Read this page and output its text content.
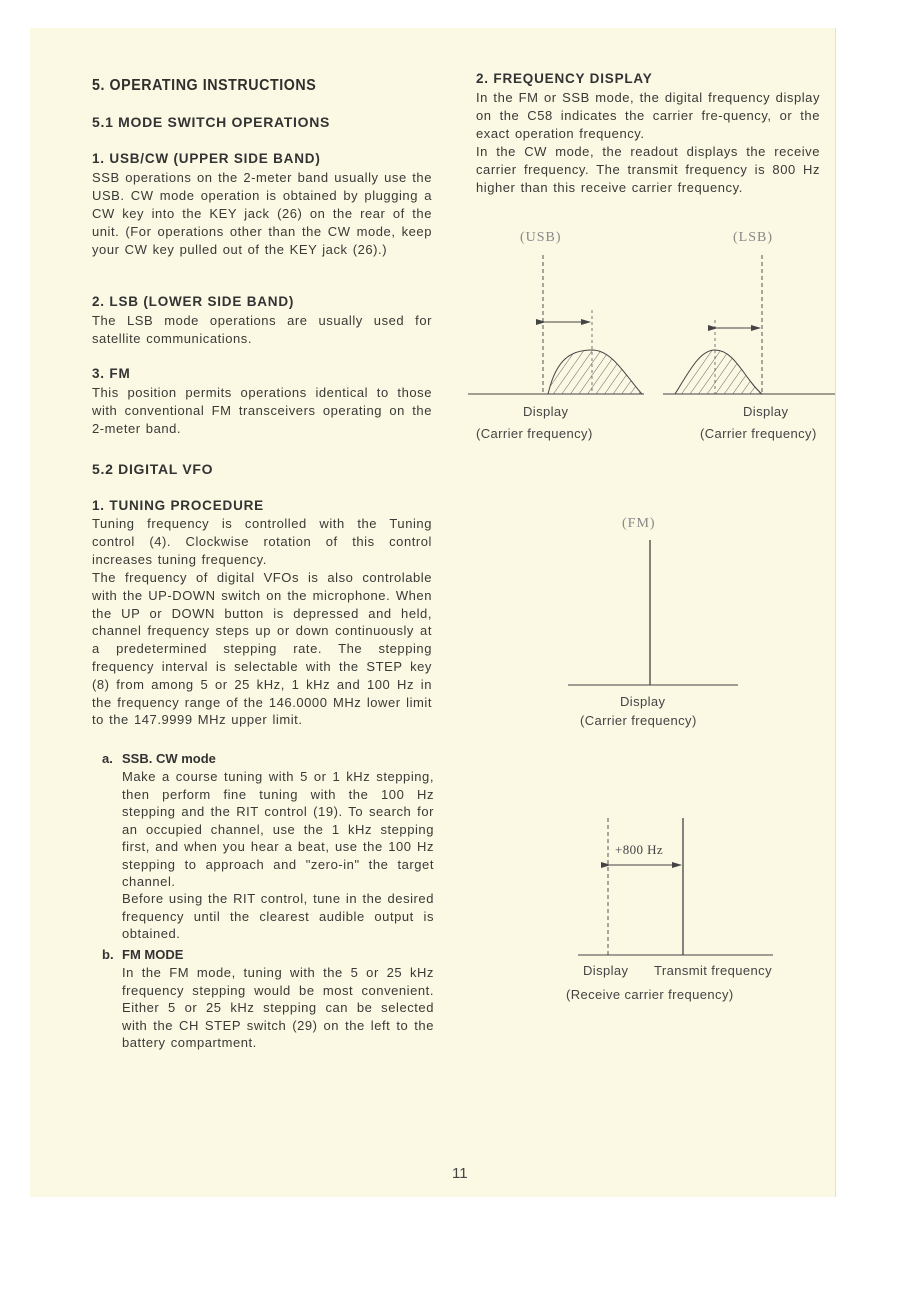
5. OPERATING INSTRUCTIONS
5.1 MODE SWITCH OPERATIONS
1. USB/CW (UPPER SIDE BAND)

SSB operations on the 2-meter band usually use the USB. CW mode operation is obtained by plugging a CW key into the KEY jack (26) on the rear of the unit. (For operations other than the CW mode, keep your CW key pulled out of the KEY jack (26).)

2. LSB (LOWER SIDE BAND)

The LSB mode operations are usually used for satellite communications.

3. FM

This position permits operations identical to those with conventional FM transceivers operating on the 2-meter band.

5.2 DIGITAL VFO
1. TUNING PROCEDURE

Tuning frequency is controlled with the Tuning control (4). Clockwise rotation of this control increases tuning frequency.

The frequency of digital VFOs is also controlable with the UP-DOWN switch on the microphone. When the UP or DOWN button is depressed and held, channel frequency steps up or down continuously at a predetermined stepping rate. The stepping frequency interval is selectable with the STEP key (8) from among 5 or 25 kHz, 1 kHz and 100 Hz in the frequency range of the 146.0000 MHz lower limit to the 147.9999 MHz upper limit.

a. SSB. CW mode

Make a course tuning with 5 or 1 kHz stepping, then perform fine tuning with the 100 Hz stepping and the RIT control (19). To search for an occupied channel, use the 1 kHz stepping first, and when you hear a beat, use the 100 Hz stepping to approach and "zero-in" the target channel.

Before using the RIT control, tune in the desired frequency until the clearest audible output is obtained.

b. FM MODE

In the FM mode, tuning with the 5 or 25 kHz frequency stepping would be most convenient. Either 5 or 25 kHz stepping can be selected with the CH STEP switch (29) on the left to the battery compartment.

2. FREQUENCY DISPLAY

In the FM or SSB mode, the digital frequency display on the C58 indicates the carrier fre-quency, or the exact operation frequency.

In the CW mode, the readout displays the receive carrier frequency. The transmit frequency is 800 Hz higher than this receive carrier frequency.

(USB)
Display
(Carrier frequency)
(LSB)
Display
(Carrier frequency)
(FM)
Display
(Carrier frequency)
+800 Hz
Display Transmit frequency
(Receive carrier frequency)
11
